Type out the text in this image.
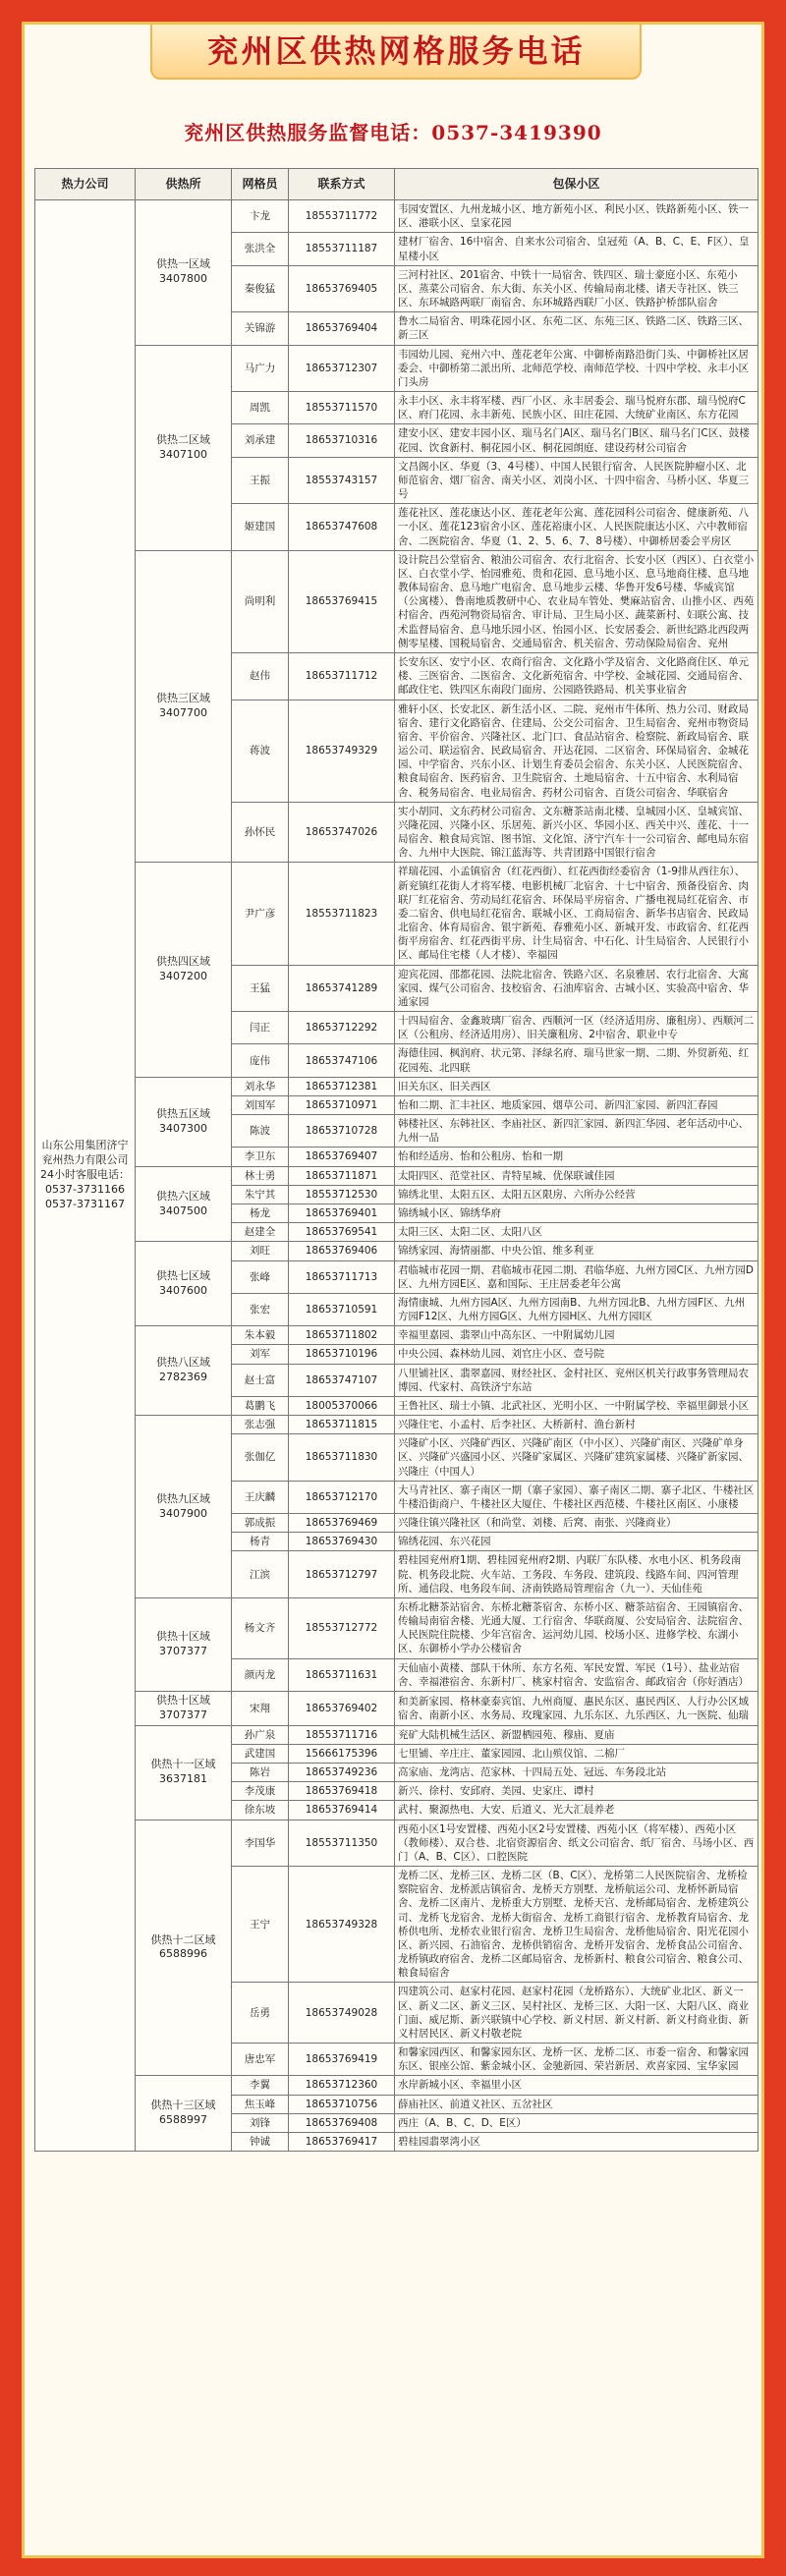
兖州区供热网格服务电话
兖州区供热服务监督电话：0537-3419390
热力公司	供热所	网格员	联系方式	包保小区
山东公用集团济宁兖州热力有限公司24小时客服电话：0537-3731166 0537-3731167	供热一区域 3407800	卞龙	18553711772	韦园安置区、九州龙城小区、地方新苑小区、利民小区、铁路新苑小区、铁一区、港联小区、皇家花园
		张洪全	18553711187	建材厂宿舍、16中宿舍、自来水公司宿舍、皇冠苑（A、B、C、E、F区）、皇星楼小区
		秦俊猛	18653769405	三河村社区、201宿舍、中铁十一局宿舍、铁四区、瑞士豪庭小区、东苑小区、蒸菜公司宿舍、东大街、东关小区、传输局南北楼、诸天寺社区、铁三区、东环城路两联厂南宿舍、东环城路西联厂小区、铁路护桥部队宿舍
		关锦游	18653769404	鲁水二局宿舍、明珠花园小区、东苑二区、东苑三区、铁路二区、铁路三区、新三区
	供热二区域 3407100	马广力	18653712307	韦园幼儿园、兖州六中、莲花老年公寓、中御桥南路沿街门头、中御桥社区居委会、中御桥第二派出所、北师范学校、南师范学校、十四中学校、永丰小区门头房
		周凯	18553711570	永丰小区、永丰将军楼、西厂小区、永丰居委会、瑞马悦府东郡、瑞马悦府C区、府门花园、永丰新苑、民族小区、田庄花园、大统矿业南区、东方花园
		刘承建	18653710316	建安小区、建安丰园小区、瑞马名门A区、瑞马名门B区、瑞马名门C区、鼓楼花园、饮食新村、桐花园小区、桐花园朗庭、建设药材公司宿舍
		王振	18553743157	文昌阁小区、华夏（3、4号楼）、中国人民银行宿舍、人民医院肿瘤小区、北师范宿舍、烟厂宿舍、南关小区、刘岗小区、十四中宿舍、马桥小区、华夏三号
		姬建国	18653747608	莲花社区、莲花康达小区、莲花老年公寓、莲花园科公司宿舍、健康新苑、八一小区、莲花123宿舍小区、莲花裕康小区、人民医院康达小区、六中教师宿舍、二医院宿舍、华夏（1、2、5、6、7、8号楼）、中御桥居委会平房区
	供热三区域 3407700	尚明利	18653769415	设计院吕公堂宿舍、粮油公司宿舍、农行北宿舍、长安小区（西区）、白衣堂小区、白衣堂小学、怡园雅苑、贵和花园、息马地小区、息马地商住楼、息马地教体局宿舍、息马地广电宿舍、息马地步云楼、华鲁开发6号楼、华威宾馆（公寓楼）、鲁南地质教研中心、农业局车管处、樊麻站宿舍、山推小区、西苑村宿舍、西苑河物资局宿舍、审计局、卫生局小区、蔬菜新村、妇联公寓、技术监督局宿舍、息马地乐园小区、怡园小区、长安居委会、新世纪路北西段两侧零星楼、国税局宿舍、交通局宿舍、机关宿舍、劳动保险局宿舍、兖州
		赵伟	18653711712	长安东区、安宁小区、农商行宿舍、文化路小学及宿舍、文化路商住区、单元楼、三医宿舍、二医宿舍、文化新苑宿舍、中学校、金城花园、交通局宿舍、邮政住宅、铁四区东南段门面房、公园路铁路局、机关事业宿舍
		蒋波	18653749329	雅轩小区、长安北区、新生活小区、二院、兖州市牛体所、热力公司、财政局宿舍、建行文化路宿舍、住建局、公交公司宿舍、卫生局宿舍、兖州市物资局宿舍、平价宿舍、兴隆社区、北门口、食品站宿舍、检察院、新政局宿舍、联运公司、联运宿舍、民政局宿舍、开达花园、二区宿舍、环保局宿舍、金城花园、中学宿舍、兴东小区、计划生育委员会宿舍、东关小区、人民医院宿舍、粮食局宿舍、医药宿舍、卫生院宿舍、土地局宿舍、十五中宿舍、水利局宿舍、税务局宿舍、电业局宿舍、药材公司宿舍、百货公司宿舍、华联宿舍
		孙怀民	18653747026	实小胡同、文东药材公司宿舍、文东糖茶站南北楼、皇城园小区、皇城宾馆、兴隆花园、兴隆小区、乐居苑、新兴小区、华园小区、西关中兴、莲花、十一局宿舍、粮食局宾馆、图书馆、文化馆、济宁汽车十一公司宿舍、邮电局东宿舍、九州中大医院、锦江蓝海等、共青团路中国银行宿舍
	供热四区域 3407200	尹广彦	18553711823	祥瑞花园、小孟镇宿舍（红花西街）、红花西街经委宿舍（1-9排从西往东）、新兖镇红花街人才将军楼、电影机械厂北宿舍、十七中宿舍、预备役宿舍、肉联厂红花宿舍、劳动局红花宿舍、环保局平房宿舍、广播电视局红花宿舍、市委二宿舍、供电局红花宿舍、联城小区、工商局宿舍、新华书店宿舍、民政局北宿舍、体育局宿舍、银宇新苑、春雅苑小区、新城开发、市政宿舍、红花西街平房宿舍、红花西街平房、计生局宿舍、中石化、计生局宿舍、人民银行小区、邮局住宅楼（人才楼）、幸福园
		王猛	18653741289	迎宾花园、邵都花园、法院北宿舍、铁路六区、名泉雅居、农行北宿舍、大寓家园、煤气公司宿舍、技校宿舍、石油库宿舍、古城小区、实验高中宿舍、华通家园
		闫正	18653712292	十四局宿舍、金鑫玻璃厂宿舍、西顺河一区（经济适用房、廉租房）、西顺河二区（公租房、经济适用房）、旧关廉租房、2中宿舍、职业中专
		庞伟	18653747106	海德佳园、枫润府、状元第、泽绿名府、瑞马世家一期、二期、外贸新苑、红花园苑、北四联
	供热五区域 3407300	刘永华	18653712381	旧关东区、旧关西区
		刘国军	18653710971	怡和二期、汇丰社区、地质家园、烟草公司、新四汇家园、新四汇春园
		陈波	18653710728	韩楼社区、东韩社区、李庙社区、新四汇家园、新四汇华园、老年活动中心、九州一品
		李卫东	18653769407	怡和经适房、怡和公租房、怡和一期
	供热六区域 3407500	林士勇	18653711871	太阳四区、范堂社区、青特星城、优保联诚佳园
		朱宁其	18553712530	锦绣北里、太阳五区、太阳五区限房、六所办公经营
		杨龙	18653769401	锦绣城小区、锦绣华府
		赵建全	18653769541	太阳三区、太阳二区、太阳八区
	供热七区域 3407600	刘旺	18653769406	锦绣家园、海情丽都、中央公馆、维多利亚
		张峰	18653711713	君临城市花园一期、君临城市花园二期、君临华庭、九州方园C区、九州方园D区、九州方园E区、嘉和国际、王庄居委老年公寓
		张宏	18653710591	海情康城、九州方园A区、九州方园南B、九州方园北B、九州方园F区、九州方园F12区、九州方园G区、九州方园H区、九州方园I区
	供热八区域 2782369	朱本毅	18653711802	幸福里嘉园、翡翠山中高东区、一中附属幼儿园
		刘军	18653710196	中央公园、森林幼儿园、刘官庄小区、壹号院
		赵士富	18653747107	八里铺社区、翡翠嘉园、财经社区、金村社区、兖州区机关行政事务管理局农博园、代家村、高铁济宁东站
		葛鹏飞	18005370066	王鲁社区、瑞士小镇、北武社区、光明小区、一中附属学校、幸福里御景小区
	供热九区域 3407900	张志强	18653711815	兴隆住宅、小孟村、后李社区、大桥新村、渔台新村
		张伽亿	18653711830	兴隆矿小区、兴隆矿西区、兴隆矿南区（中小区）、兴隆矿南区、兴隆矿单身区、兴隆矿兴盛园小区、兴隆矿家属区、兴隆矿建筑家属楼、兴隆矿新家园、兴隆庄（中国人）
		王庆麟	18653712170	大马青社区、寨子南区一期（寨子家园）、寨子南区二期、寨子北区、牛楼社区牛楼沿街商户、牛楼社区大厦住、牛楼社区西范楼、牛楼社区南区、小康楼
		郭成振	18653769469	兴隆住镇兴隆社区（和尚堂、刘楼、后窝、南张、兴隆商业）
		杨青	18653769430	锦绣花园、东兴花园
		江滨	18653712797	碧桂园兖州府1期、碧桂园兖州府2期、内联厂东队楼、水电小区、机务段南院、机务段北院、火车站、工务段、车务段、建筑段、线路车间、四河管理所、通信段、电务段车间、济南铁路局管理宿舍（九一）、天仙佳苑
	供热十区域 3707377	杨文齐	18553712772	东桥北糖茶站宿舍、东桥北糖茶宿舍、东桥小区、糖茶站宿舍、王园镇宿舍、传输局南宿舍楼、光通大厦、工行宿舍、华联商厦、公安局宿舍、法院宿舍、人民医院住院楼、少年宫宿舍、运河幼儿园、校场小区、进修学校、东湖小区、东御桥小学办公楼宿舍
		颜丙龙	18653711631	天仙庙小黄楼、部队干休所、东方名苑、军民安置、军民（1号）、盐业站宿舍、幸福港宿舍、东新村厂、桃家村宿舍、安监宿舍、邮政宿舍（你好酒店）
	供热十区域 3707377	宋翔	18653769402	和美新家园、格林豪泰宾馆、九州商厦、惠民东区、惠民西区、人行办公区域宿舍、南新小区、水务局、玫瑰家园、九乐东区、九乐西区、九一医院、仙瑞
	供热十一区域 3637181	孙广泉	18553711716	兖矿大陆机械生活区、新盟栖园苑、穆庙、夏庙
		武建国	15666175396	七里铺、辛庄庄、董家园园、北山殡仪馆、二棉厂
		陈岩	18653749236	高家庙、龙湾店、范家林、十四局五处、冠远、车务段北站
		李茂康	18653769418	新兴、徐村、安邱府、美园、史家庄、谭村
		徐东坡	18653769414	武村、聚源热电、大安、后道义、光大汇晨养老
	供热十二区域 6588996	李国华	18553711350	西苑小区1号安置楼、西苑小区2号安置楼、西苑小区（将军楼）、西苑小区（教师楼）、双合巷、北宿资源宿舍、纸文公司宿舍、纸厂宿舍、马场小区、西门（A、B、C区）、口腔医院
		王宁	18653749328	龙桥二区、龙桥三区、龙桥二区（B、C区）、龙桥第二人民医院宿舍、龙桥检察院宿舍、龙桥派店镇宿舍、龙桥天方别墅、龙桥航运公司、龙桥怀新局宿舍、龙桥二区南片、龙桥重大方别墅、龙桥天宫、龙桥邮局宿舍、龙桥建筑公司、龙桥飞龙宿舍、龙桥大街宿舍、龙桥工商银行宿舍、龙桥教育局宿舍、龙桥供电所、龙桥农业银行宿舍、龙桥卫生局宿舍、龙桥他局宿舍、阳光花园小区、新兴园、石油宿舍、龙桥供销宿舍、龙桥开发宿舍、龙桥食品公司宿舍、龙桥镇政府宿舍、龙桥二区邮局宿舍、龙桥新村、粮食公司宿舍、粮食公司、粮食局宿舍
		岳勇	18653749028	四建筑公司、赵家村花园、赵家村花园（龙桥路东）、大统矿业北区、新义一区、新义二区、新义三区、吴村社区、龙桥三区、大阳一区、大阳八区、商业门面、威尼斯、新兴联镇中心学校、新义村居、新义村新、新义村商业街、新义村居民区、新义村敬老院
		唐忠军	18653769419	和馨家园西区、和馨家园东区、龙桥一区、龙桥二区、市委一宿舍、和馨家园东区、银座公馆、紫金城小区、金驰新园、荣岩新居、欢喜家园、宝华家园
	供热十三区域 6588997	李翼	18653712360	水岸新城小区、幸福里小区
		焦玉峰	18653710756	薛庙社区、前道义社区、五岔社区
		刘锋	18653769408	西庄（A、B、C、D、E区）
		钟诚	18653769417	碧桂园翡翠湾小区
